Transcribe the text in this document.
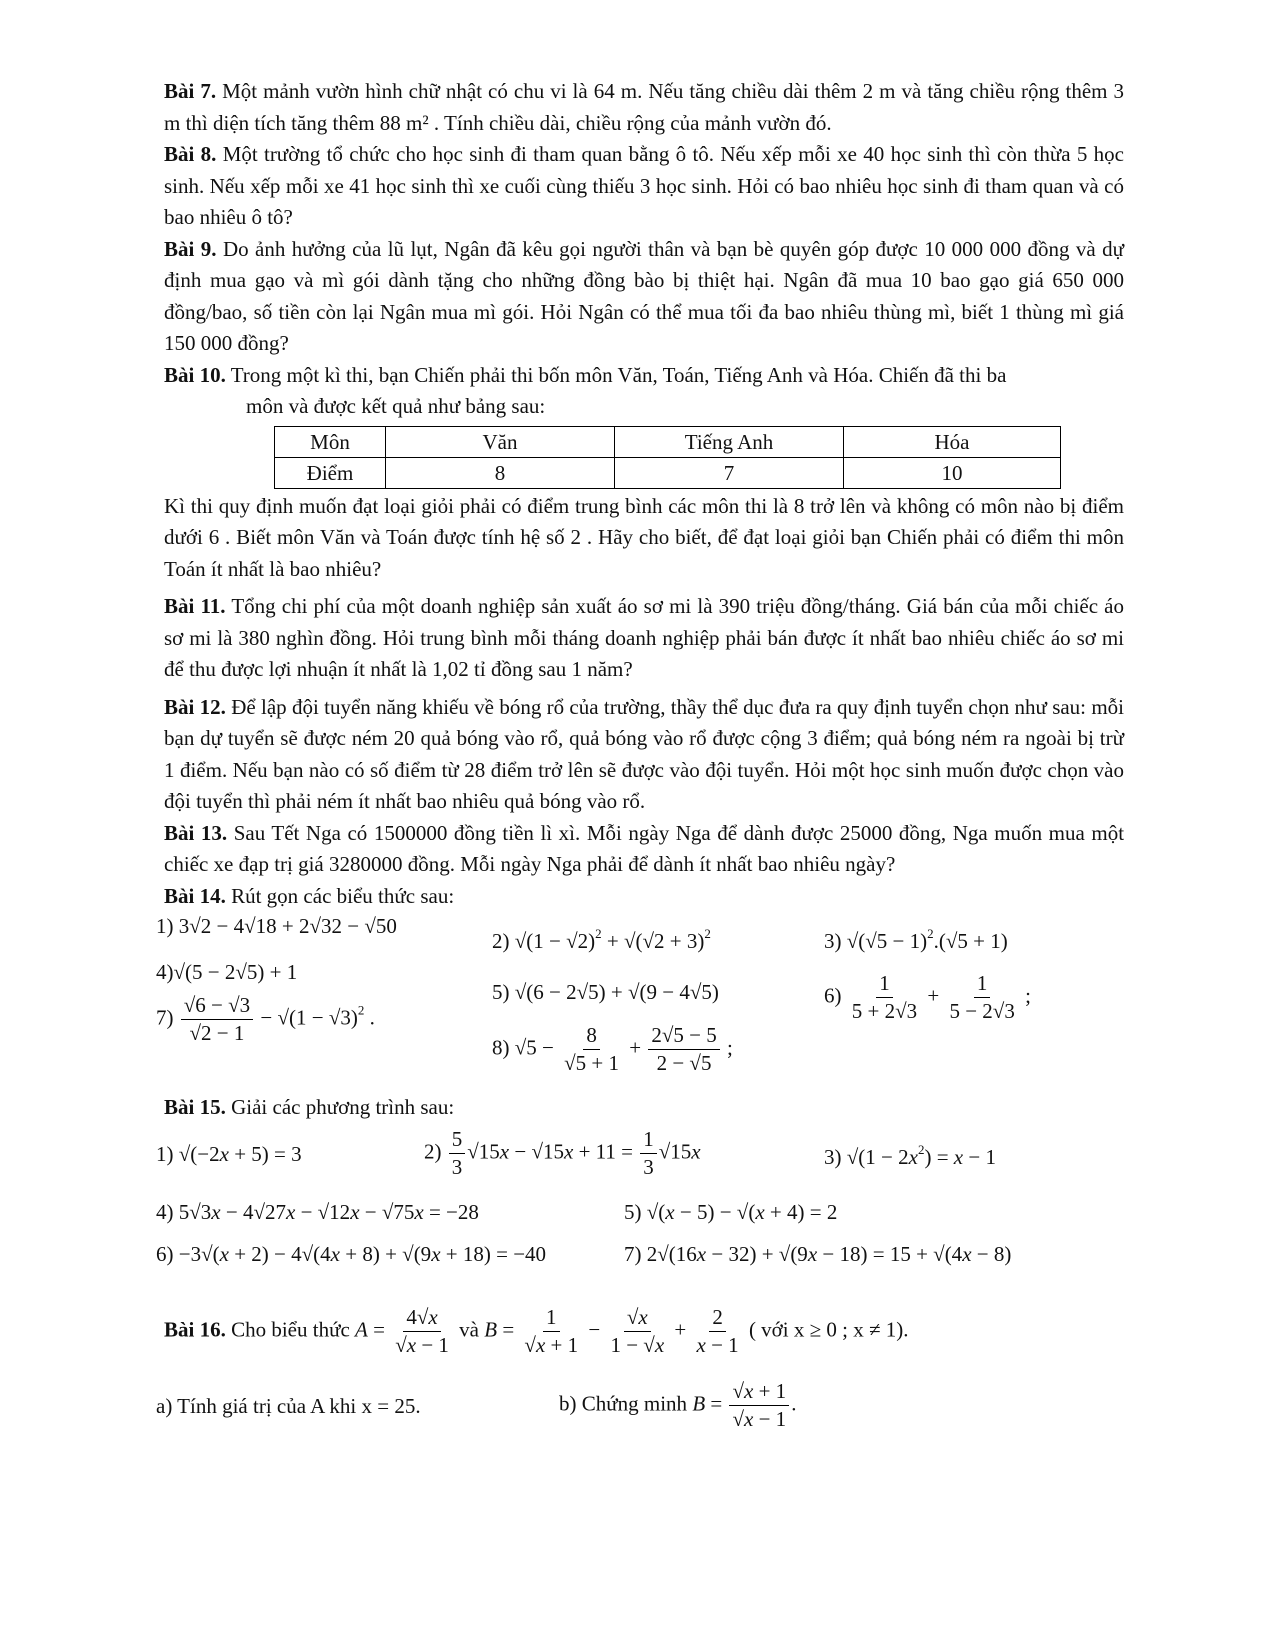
Bài 7. Một mảnh vườn hình chữ nhật có chu vi là 64 m. Nếu tăng chiều dài thêm 2 m và tăng chiều rộng thêm 3 m thì diện tích tăng thêm 88 m² . Tính chiều dài, chiều rộng của mảnh vườn đó.

Bài 8. Một trường tổ chức cho học sinh đi tham quan bằng ô tô. Nếu xếp mỗi xe 40 học sinh thì còn thừa 5 học sinh. Nếu xếp mỗi xe 41 học sinh thì xe cuối cùng thiếu 3 học sinh. Hỏi có bao nhiêu học sinh đi tham quan và có bao nhiêu ô tô?

Bài 9. Do ảnh hưởng của lũ lụt, Ngân đã kêu gọi người thân và bạn bè quyên góp được 10 000 000 đồng và dự định mua gạo và mì gói dành tặng cho những đồng bào bị thiệt hại. Ngân đã mua 10 bao gạo giá 650 000 đồng/bao, số tiền còn lại Ngân mua mì gói. Hỏi Ngân có thể mua tối đa bao nhiêu thùng mì, biết 1 thùng mì giá 150 000 đồng?

Bài 10. Trong một kì thi, bạn Chiến phải thi bốn môn Văn, Toán, Tiếng Anh và Hóa. Chiến đã thi ba

môn và được kết quả như bảng sau:

Môn	Văn	Tiếng Anh	Hóa
Điểm	8	7	10

Kì thi quy định muốn đạt loại giỏi phải có điểm trung bình các môn thi là 8 trở lên và không có môn nào bị điểm dưới 6 . Biết môn Văn và Toán được tính hệ số 2 . Hãy cho biết, để đạt loại giỏi bạn Chiến phải có điểm thi môn Toán ít nhất là bao nhiêu?

Bài 11. Tổng chi phí của một doanh nghiệp sản xuất áo sơ mi là 390 triệu đồng/tháng. Giá bán của mỗi chiếc áo sơ mi là 380 nghìn đồng. Hỏi trung bình mỗi tháng doanh nghiệp phải bán được ít nhất bao nhiêu chiếc áo sơ mi để thu được lợi nhuận ít nhất là 1,02 tỉ đồng sau 1 năm?

Bài 12. Để lập đội tuyển năng khiếu về bóng rổ của trường, thầy thể dục đưa ra quy định tuyển chọn như sau: mỗi bạn dự tuyển sẽ được ném 20 quả bóng vào rổ, quả bóng vào rổ được cộng 3 điểm; quả bóng ném ra ngoài bị trừ 1 điểm. Nếu bạn nào có số điểm từ 28 điểm trở lên sẽ được vào đội tuyển. Hỏi một học sinh muốn được chọn vào đội tuyển thì phải ném ít nhất bao nhiêu quả bóng vào rổ.

Bài 13. Sau Tết Nga có 1500000 đồng tiền lì xì. Mỗi ngày Nga để dành được 25000 đồng, Nga muốn mua một chiếc xe đạp trị giá 3280000 đồng. Mỗi ngày Nga phải để dành ít nhất bao nhiêu ngày?

Bài 14. Rút gọn các biểu thức sau:

1) 3√2 − 4√18 + 2√32 − √50
2) $√(1 - √2)^2 + √(√2 + 3)^2$	3) $√(√5 - 1)^2.(√5 + 1)$
4)√(5 − 2√5) + 1
5) √(6 − 2√5) + √(9 − 4√5)	$6) \frac{1}{5 + 2√3} + \frac{1}{5 - 2√3}$ ;
$7) \frac{√6 - √3}{√2 - 1} - √(1 - √3)^2$ .
8) $√5 - \frac{8}{√5 + 1} + \frac{2√5 - 5}{2 - √5}$ ;

Bài 15. Giải các phương trình sau:

1) √(−2x + 5) = 3	$2) \frac{5}{3} √15x - √15x + 11 = \frac{1}{3} √15x$	3) $√(1 - 2x^2) = x - 1$
4) 5√3x − 4√27x − √12x − √75x = −28	5) √(x − 5) − √(x + 4) = 2
6) −3√(x + 2) − 4√(4x + 8) + √(9x + 18) = −40	7) 2√(16x − 32) + √(9x − 18) = 15 + √(4x − 8)
Bài 16. Cho biểu thức $A = \frac{4√x}{√x - 1}$ và $B = \frac{1}{√x + 1} - \frac{√x}{1 - √x} + \frac{2}{x - 1}$ ( với x ≥ 0 ; x ≠ 1).
a) Tính giá trị của A khi x = 25.	b) Chứng minh $B = \frac{√x + 1}{√x - 1}$ .
